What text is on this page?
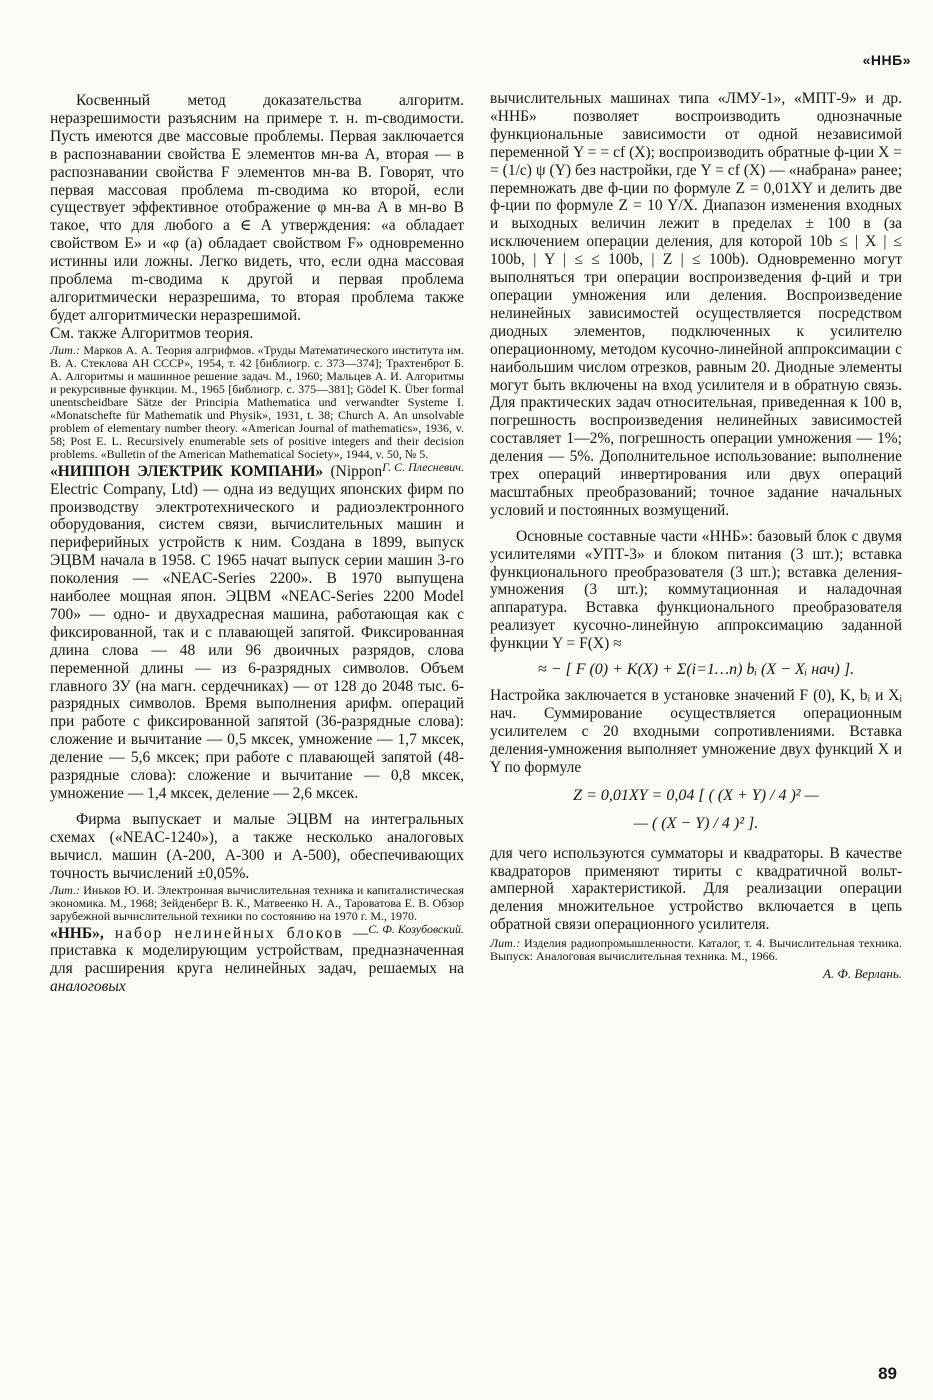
«ННБ»

Косвенный метод доказательства алгоритм. неразрешимости разъясним на примере т. н. m-сводимости. Пусть имеются две массовые проблемы. Первая заключается в распознавании свойства E элементов мн-ва A, вторая — в распознавании свойства F элементов мн-ва B. Говорят, что первая массовая проблема m-сводима ко второй, если существует эффективное отображение φ мн-ва A в мн-во B такое, что для любого a ∈ A утверждения: «a обладает свойством E» и «φ (a) обладает свойством F» одновременно истинны или ложны. Легко видеть, что, если одна массовая проблема m-сводима к другой и первая проблема алгоритмически неразрешима, то вторая проблема также будет алгоритмически неразрешимой.

См. также Алгоритмов теория.

Лит.: Марков А. А. Теория алгрифмов. «Труды Математического института им. В. А. Стеклова АН СССР», 1954, т. 42 [библиогр. с. 373—374]; Трахтенброт Б. А. Алгоритмы и машинное решение задач. М., 1960; Мальцев А. И. Алгоритмы и рекурсивные функции. М., 1965 [библиогр. с. 375—381]; Gödel K. Über formal unentscheidbare Sätze der Principia Mathematica und verwandter Systeme I. «Monatschefte für Mathematik und Physik», 1931, t. 38; Church A. An unsolvable problem of elementary number theory. «American Journal of mathematics», 1936, v. 58; Post E. L. Recursively enumerable sets of positive integers and their decision problems. «Bulletin of the American Mathematical Society», 1944, v. 50, № 5.
Г. С. Плесневич.

«НИППОН ЭЛЕКТРИК КОМПАНИ» (Nippon Electric Company, Ltd) — одна из ведущих японских фирм по производству электротехнического и радиоэлектронного оборудования, систем связи, вычислительных машин и периферийных устройств к ним. Создана в 1899, выпуск ЭЦВМ начала в 1958. С 1965 начат выпуск серии машин 3-го поколения — «NEAC-Series 2200». В 1970 выпущена наиболее мощная япон. ЭЦВМ «NEAC-Series 2200 Model 700» — одно- и двухадресная машина, работающая как с фиксированной, так и с плавающей запятой. Фиксированная длина слова — 48 или 96 двоичных разрядов, слова переменной длины — из 6-разрядных символов. Объем главного ЗУ (на магн. сердечниках) — от 128 до 2048 тыс. 6-разрядных символов. Время выполнения арифм. операций при работе с фиксированной запятой (36-разрядные слова): сложение и вычитание — 0,5 мксек, умножение — 1,7 мксек, деление — 5,6 мксек; при работе с плавающей запятой (48-разрядные слова): сложение и вычитание — 0,8 мксек, умножение — 1,4 мксек, деление — 2,6 мксек.

Фирма выпускает и малые ЭЦВМ на интегральных схемах («NEAC-1240»), а также несколько аналоговых вычисл. машин (А-200, А-300 и А-500), обеспечивающих точность вычислений ±0,05%.

Лит.: Иньков Ю. И. Электронная вычислительная техника и капиталистическая экономика. М., 1968; Зейденберг В. К., Матвеенко Н. А., Тароватова Е. В. Обзор зарубежной вычислительной техники по состоянию на 1970 г. М., 1970.
С. Ф. Козубовский.

«ННБ», набор нелинейных блоков — приставка к моделирующим устройствам, предназначенная для расширения круга нелинейных задач, решаемых на аналоговых

вычислительных машинах типа «ЛМУ-1», «МПТ-9» и др. «ННБ» позволяет воспроизводить однозначные функциональные зависимости от одной независимой переменной Y = = cf (X); воспроизводить обратные ф-ции X = = (1/c) ψ (Y) без настройки, где Y = cf (X) — «набрана» ранее; перемножать две ф-ции по формуле Z = 0,01XY и делить две ф-ции по формуле Z = 10 Y/X. Диапазон изменения входных и выходных величин лежит в пределах ± 100 в (за исключением операции деления, для которой 10b ≤ | X | ≤ 100b, | Y | ≤ ≤ 100b, | Z | ≤ 100b). Одновременно могут выполняться три операции воспроизведения ф-ций и три операции умножения или деления. Воспроизведение нелинейных зависимостей осуществляется посредством диодных элементов, подключенных к усилителю операционному, методом кусочно-линейной аппроксимации с наибольшим числом отрезков, равным 20. Диодные элементы могут быть включены на вход усилителя и в обратную связь. Для практических задач относительная, приведенная к 100 в, погрешность воспроизведения нелинейных зависимостей составляет 1—2%, погрешность операции умножения — 1%; деления — 5%. Дополнительное использование: выполнение трех операций инвертирования или двух операций масштабных преобразований; точное задание начальных условий и постоянных возмущений.

Основные составные части «ННБ»: базовый блок с двумя усилителями «УПТ-3» и блоком питания (3 шт.); вставка функционального преобразователя (3 шт.); вставка деления-умножения (3 шт.); коммутационная и наладочная аппаратура. Вставка функционального преобразователя реализует кусочно-линейную аппроксимацию заданной функции Y = F(X) ≈

≈ − [ F (0) + K(X) + Σ(i=1…n) bᵢ (X − Xᵢ нач) ].

Настройка заключается в установке значений F (0), K, bᵢ и Xᵢ нач. Суммирование осуществляется операционным усилителем с 20 входными сопротивлениями. Вставка деления-умножения выполняет умножение двух функций X и Y по формуле

Z = 0,01XY = 0,04 [ ( (X + Y) / 4 )² —
— ( (X − Y) / 4 )² ].

для чего используются сумматоры и квадраторы. В качестве квадраторов применяют тириты с квадратичной вольт-амперной характеристикой. Для реализации операции деления множительное устройство включается в цепь обратной связи операционного усилителя.

Лит.: Изделия радиопромышленности. Каталог, т. 4. Вычислительная техника. Выпуск: Аналоговая вычислительная техника. М., 1966.

А. Ф. Верлань.

89
